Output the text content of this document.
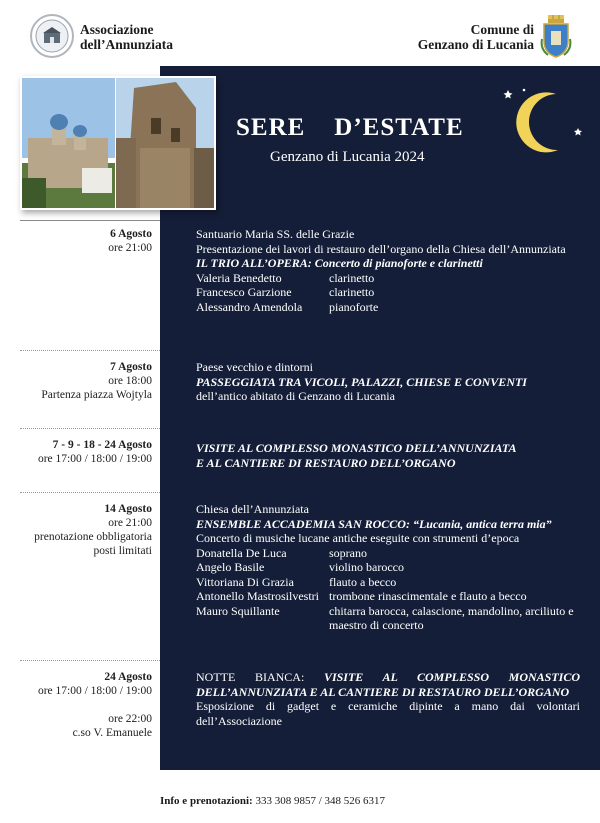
Associazione
dell’Annunziata
Comune di
Genzano di Lucania
SERE    D’ESTATE
Genzano di Lucania 2024
6 Agosto
ore 21:00
Santuario Maria SS. delle Grazie
Presentazione dei lavori di restauro dell’organo della Chiesa dell’Annunziata
IL TRIO ALL’OPERA: Concerto di pianoforte e clarinetti
Valeria Benedetto	clarinetto
Francesco Garzione	clarinetto
Alessandro Amendola	pianoforte
7 Agosto
ore 18:00
Partenza piazza Wojtyla
Paese vecchio e dintorni
PASSEGGIATA TRA VICOLI, PALAZZI, CHIESE E CONVENTI
dell’antico abitato di Genzano di Lucania
7 - 9 - 18 - 24 Agosto
ore 17:00 / 18:00 / 19:00
VISITE AL COMPLESSO MONASTICO DELL’ANNUNZIATA
E AL CANTIERE DI RESTAURO DELL’ORGANO
14 Agosto
ore 21:00
prenotazione obbligatoria
posti limitati
Chiesa dell’Annunziata
ENSEMBLE ACCADEMIA SAN ROCCO: “Lucania, antica terra mia”
Concerto di musiche lucane antiche eseguite con strumenti d’epoca
Donatella De Luca	soprano
Angelo Basile	violino barocco
Vittoriana Di Grazia	flauto a becco
Antonello Mastrosilvestri trombone rinascimentale e flauto a becco
Mauro Squillante	chitarra barocca, calascione, mandolino, arciliuto e maestro di concerto
24 Agosto
ore 17:00 / 18:00 / 19:00
ore 22:00
c.so V. Emanuele
NOTTE BIANCA: VISITE AL COMPLESSO MONASTICO DELL’ANNUNZIATA E AL CANTIERE DI RESTAURO DELL’ORGANO
Esposizione di gadget e ceramiche dipinte a mano dai volontari dell’Associazione
Info e prenotazioni: 333 308 9857 / 348 526 6317
